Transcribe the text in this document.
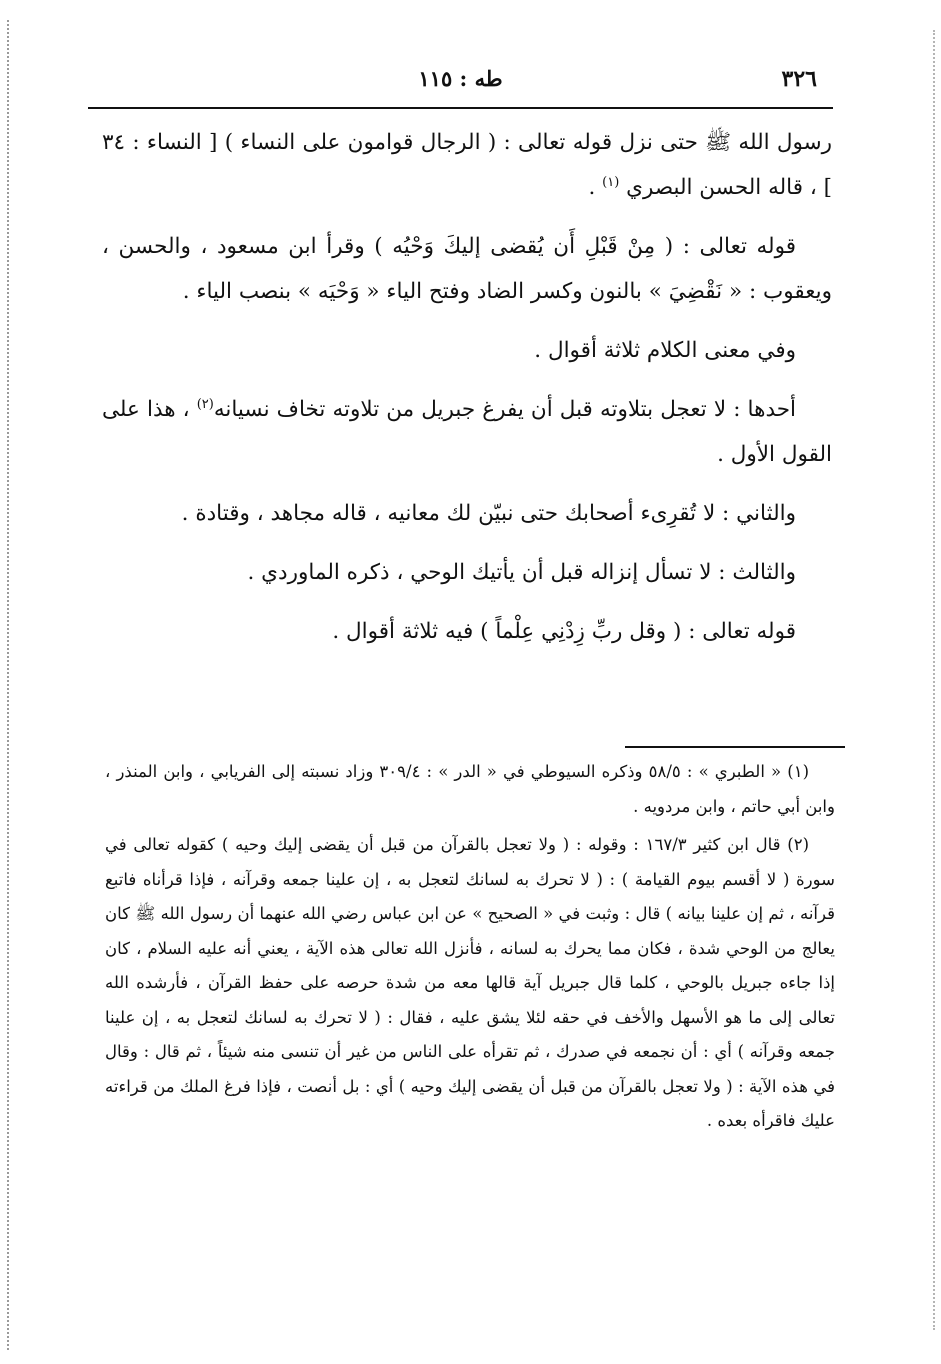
٣٢٦
طه : ١١٥

رسول الله ﷺ حتى نزل قوله تعالى : ( الرجال قوامون على النساء ) [ النساء : ٣٤ ] ، قاله الحسن البصري $^{(١)}$ .

قوله تعالى : ( مِنْ قَبْلِ أَن يُقضى إليكَ وَحْيُه ) وقرأ ابن مسعود ، والحسن ، ويعقوب : « نَقْضِيَ » بالنون وكسر الضاد وفتح الياء « وَحْيَه » بنصب الياء .

وفي معنى الكلام ثلاثة أقوال .

أحدها : لا تعجل بتلاوته قبل أن يفرغ جبريل من تلاوته تخاف نسيانه$^{(٢)}$ ، هذا على القول الأول .

والثاني : لا تُقرِىء أصحابك حتى نبيّن لك معانيه ، قاله مجاهد ، وقتادة .

والثالث : لا تسأل إنزاله قبل أن يأتيك الوحي ، ذكره الماوردي .

قوله تعالى : ( وقل ربِّ زِدْنِي عِلْماً ) فيه ثلاثة أقوال .

(١) « الطبري » : ٥٨/٥ وذكره السيوطي في « الدر » : ٣٠٩/٤ وزاد نسبته إلى الفريابي ، وابن المنذر ، وابن أبي حاتم ، وابن مردويه .

(٢) قال ابن كثير ١٦٧/٣ : وقوله : ( ولا تعجل بالقرآن من قبل أن يقضى إليك وحيه ) كقوله تعالى في سورة ( لا أقسم بيوم القيامة ) : ( لا تحرك به لسانك لتعجل به ، إن علينا جمعه وقرآنه ، فإذا قرأناه فاتبع قرآنه ، ثم إن علينا بيانه ) قال : وثبت في « الصحيح » عن ابن عباس رضي الله عنهما أن رسول الله ﷺ كان يعالج من الوحي شدة ، فكان مما يحرك به لسانه ، فأنزل الله تعالى هذه الآية ، يعني أنه عليه السلام ، كان إذا جاءه جبريل بالوحي ، كلما قال جبريل آية قالها معه من شدة حرصه على حفظ القرآن ، فأرشده الله تعالى إلى ما هو الأسهل والأخف في حقه لئلا يشق عليه ، فقال : ( لا تحرك به لسانك لتعجل به ، إن علينا جمعه وقرآنه ) أي : أن نجمعه في صدرك ، ثم تقرأه على الناس من غير أن تنسى منه شيئاً ، ثم قال : وقال في هذه الآية : ( ولا تعجل بالقرآن من قبل أن يقضى إليك وحيه ) أي : بل أنصت ، فإذا فرغ الملك من قراءته عليك فاقرأه بعده .
